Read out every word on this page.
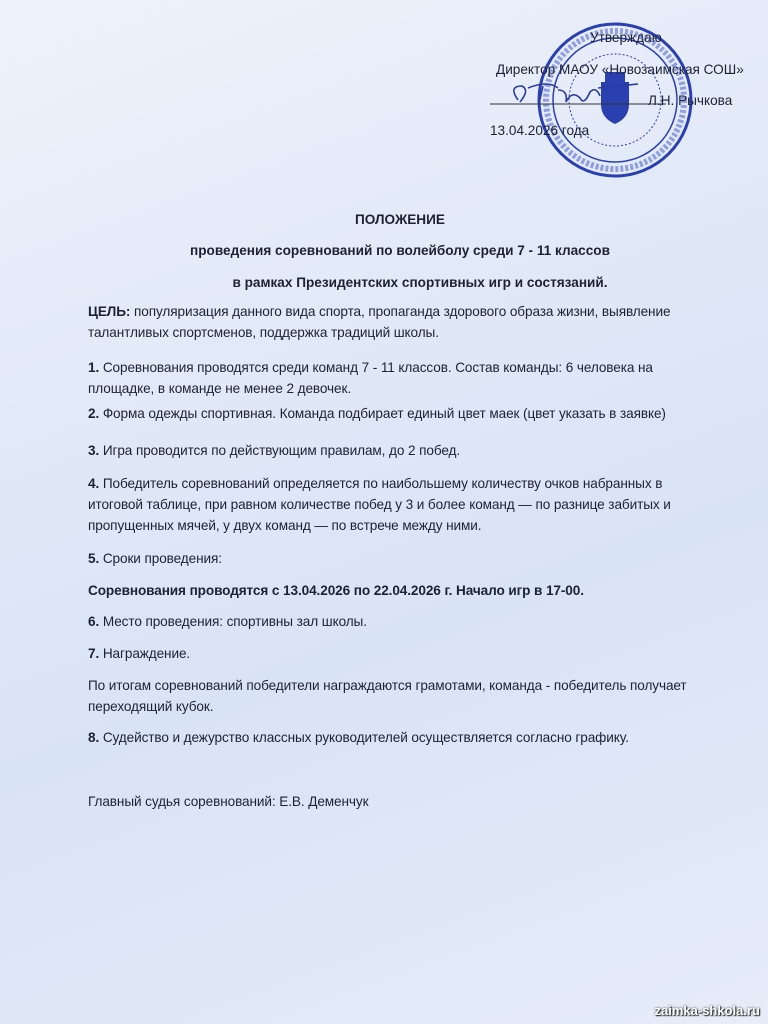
Утверждаю
Директор МАОУ «Новозаимская СОШ»
Л.Н. Рычкова
13.04.2026 года
ПОЛОЖЕНИЕ
проведения соревнований по волейболу среди 7 - 11 классов
в рамках Президентских спортивных игр и состязаний.
ЦЕЛЬ: популяризация данного вида спорта, пропаганда здорового образа жизни, выявление
талантливых спортсменов, поддержка традиций школы.
1. Соревнования проводятся среди команд 7 - 11 классов. Состав команды: 6 человека на
площадке, в команде не менее 2 девочек.
2. Форма одежды спортивная. Команда подбирает единый цвет маек (цвет указать в заявке)
3. Игра проводится по действующим правилам, до 2 побед.
4. Победитель соревнований определяется по наибольшему количеству очков набранных в
итоговой таблице, при равном количестве побед у 3 и более команд — по разнице забитых и
пропущенных мячей, у двух команд — по встрече между ними.
5. Сроки проведения:
Соревнования проводятся с 13.04.2026 по 22.04.2026 г. Начало игр в 17-00.
6. Место проведения: спортивны зал школы.
7. Награждение.
По итогам соревнований победители награждаются грамотами, команда - победитель получает
переходящий кубок.
8. Судейство и дежурство классных руководителей осуществляется согласно графику.
Главный судья соревнований: Е.В. Деменчук
zaimka-shkola.ru
